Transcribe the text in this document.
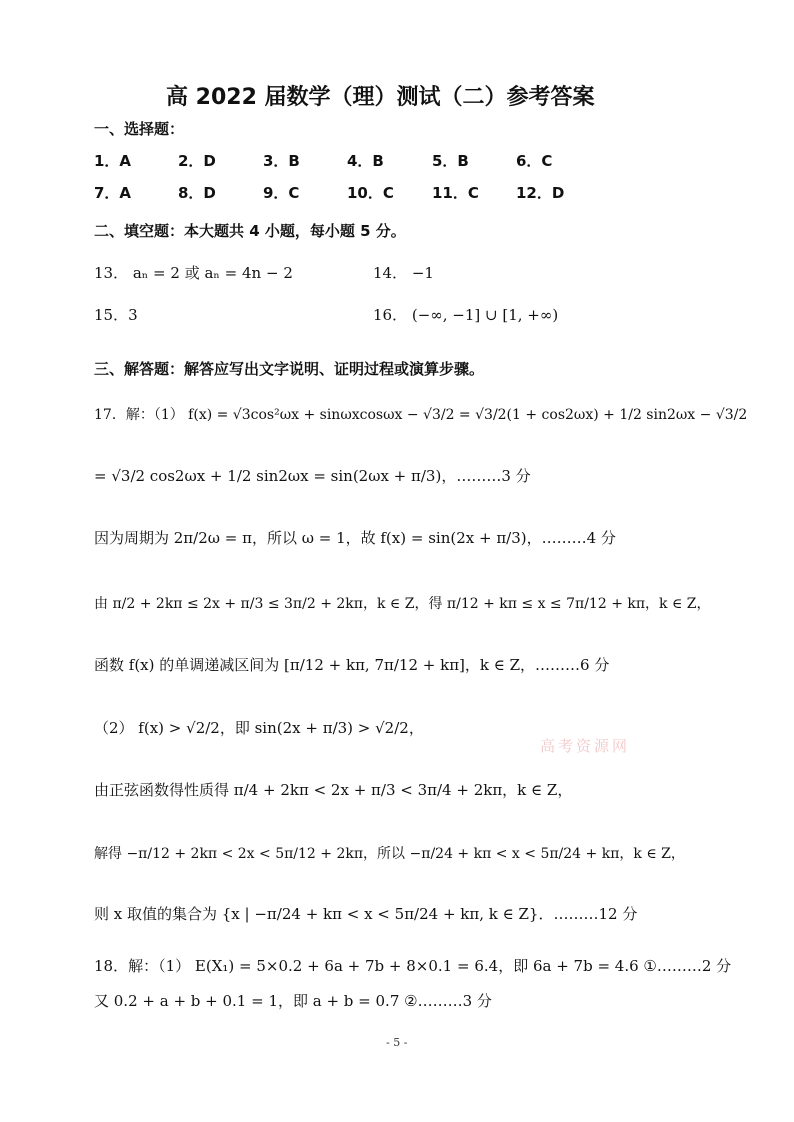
高 2022 届数学（理）测试（二）参考答案
一、选择题：
1．A	2．D	3．B	4．B	5．B	6．C
7．A	8．D	9．C	10．C	11．C 12．D
二、填空题：本大题共 4 小题，每小题 5 分。
13． aₙ = 2 或 aₙ = 4n − 2	14． −1
15．3	16． (−∞, −1] ∪ [1, +∞)
三、解答题：解答应写出文字说明、证明过程或演算步骤。
17．解：（1） f(x) = √3cos²ωx + sinωxcosωx − √3/2 = √3/2(1 + cos2ωx) + 1/2 sin2ωx − √3/2
= √3/2 cos2ωx + 1/2 sin2ωx = sin(2ωx + π/3)，………3 分
因为周期为 2π/2ω = π，所以 ω = 1，故 f(x) = sin(2x + π/3)，………4 分
由 π/2 + 2kπ ≤ 2x + π/3 ≤ 3π/2 + 2kπ，k ∈ Z，得 π/12 + kπ ≤ x ≤ 7π/12 + kπ，k ∈ Z，
函数 f(x) 的单调递减区间为 [π/12 + kπ, 7π/12 + kπ]，k ∈ Z，………6 分
（2） f(x) > √2/2，即 sin(2x + π/3) > √2/2，
由正弦函数得性质得 π/4 + 2kπ < 2x + π/3 < 3π/4 + 2kπ，k ∈ Z，
解得 −π/12 + 2kπ < 2x < 5π/12 + 2kπ，所以 −π/24 + kπ < x < 5π/24 + kπ，k ∈ Z，
则 x 取值的集合为 {x | −π/24 + kπ < x < 5π/24 + kπ, k ∈ Z}．………12 分
高考资源网
18．解：（1） E(X₁) = 5×0.2 + 6a + 7b + 8×0.1 = 6.4，即 6a + 7b = 4.6 ①………2 分
又 0.2 + a + b + 0.1 = 1，即 a + b = 0.7 ②………3 分
- 5 -
